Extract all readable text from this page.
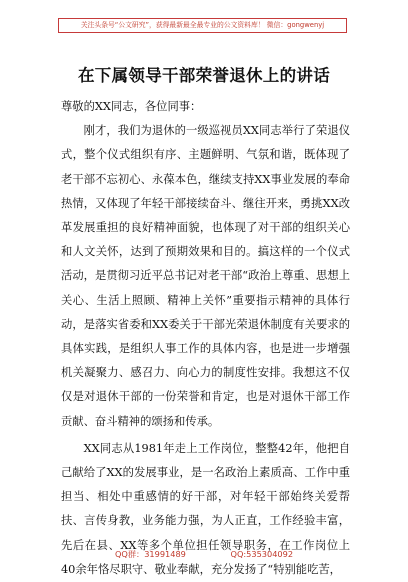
关注头条号“公文研究”，获得最新最全最专业的公文资料库！ 微信：gongwenyj
在下属领导干部荣誉退休上的讲话

尊敬的XX同志，各位同事：

刚才，我们为退休的一级巡视员XX同志举行了荣退仪式，整个仪式组织有序、主题鲜明、气氛和谐，既体现了老干部不忘初心、永葆本色，继续支持XX事业发展的奉命热情，又体现了年轻干部接续奋斗、继往开来，勇挑XX改革发展重担的良好精神面貌，也体现了对干部的组织关心和人文关怀，达到了预期效果和目的。搞这样的一个仪式活动，是贯彻习近平总书记对老干部“政治上尊重、思想上关心、生活上照顾、精神上关怀”重要指示精神的具体行动，是落实省委和XX委关于干部光荣退休制度有关要求的具体实践，是组织人事工作的具体内容，也是进一步增强机关凝聚力、感召力、向心力的制度性安排。我想这不仅仅是对退休干部的一份荣誉和肯定，也是对退休干部工作贡献、奋斗精神的颂扬和传承。

XX同志从1981年走上工作岗位，整整42年，他把自己献给了XX的发展事业，是一名政治上素质高、工作中重担当、相处中重感情的好干部，对年轻干部始终关爱帮扶、言传身教，业务能力强，为人正直，工作经验丰富，先后在县、XX等多个单位担任领导职务，在工作岗位上40余年恪尽职守、敬业奉献，充分发扬了“特别能吃苦，

QQ群：31991489	QQ:535304092
